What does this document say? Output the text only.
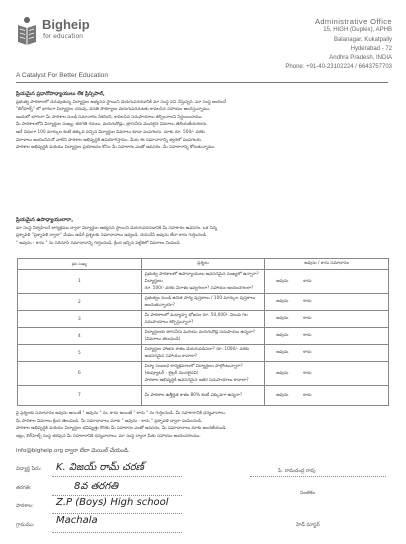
Bigheip
for education
A Catalyst For Better Education
Administrative Office
15, HIGH (Duplex), APHB
Balanagar, Kukatpally
Hyderabad - 72
Andhra Pradesh, INDIA
Phone: +91-40-23102224 / 6643757703
ప్రియమైన ప్రధానోపాధ్యాయులు లేక ప్రిన్సిపాల్,
ప్రభుత్వ పాఠశాలలో చదువుతున్న విద్యార్థుల అభ్యసన స్థాయిని మెరుగుపరచడానికి మా సంస్థ పని చేస్తున్నది. మా సంస్థ అందించే
"బిగ్‌హెల్ప్" లో భాగంగా విద్యార్థుల చదువు, వసతి సౌకర్యాలు మెరుగుపరచుటకు కావలసిన సహాయం అందిస్తున్నాము.
ఇందులో భాగంగా మీ పాఠశాల నుండి సమాచారం సేకరించి, కావలసిన సదుపాయాలు కల్పించాలని నిర్ణయించాము.
మీ పాఠశాలలోని విద్యార్థుల సంఖ్య, తరగతి గదులు, మరుగుదొడ్లు, త్రాగునీరు మొదలైన వివరాలు తెలియజేయగలరు.
అదే విధంగా 100 మార్కుల కంటే తక్కువ వచ్చిన విద్యార్థుల వివరాలు కూడా పంపగలరు. మాకు రూ. 500/- వరకు
విరాళాలు అందించినచో వాటిని పాఠశాల అభివృద్ధికి ఉపయోగిస్తాము. మీరు ఈ సమాచారాన్ని త్వరలో పంపగలరు.
పాఠశాల అభివృద్ధికి మరియు విద్యార్థుల ప్రయోజనం కోసం మీ సహకారం ఎంతో అవసరం. మీ సహకారాన్ని కోరుతున్నాము.
ప్రియమైన ఉపాధ్యాయులారా,
మా సంస్థ నిర్వహించే కార్యక్రమం ద్వారా విద్యార్థుల అభ్యసన స్థాయిని మెరుగుపరచడానికి మీ సహకారం అవసరం. ఒక చిన్న
ప్రశ్నావళి "ప్రశ్నావళి ద్వారా" మేము అడిగే ప్రశ్నలకు సమాధానాలు ఇవ్వండి. దయచేసి అవును లేదా కాదు గుర్తించండి.
" అవును - కాదు " ను సరిచూసి సమాధానాన్ని గుర్తించండి, క్రింద ఇచ్చిన పట్టికలో వివరాలు నింపండి.
క్రమ సంఖ్య	ప్రశ్నలు	అవును / కాదు సమాధానం
1	ప్రభుత్వ పాఠశాలలో ఉపాధ్యాయులు అవసరమైన సంఖ్యలో ఉన్నారా? విద్యార్థులు
రూ. 500/- వరకు విరాళం ఇవ్వగలరా? సహాయం అందించగలరా?	అవును కాదు
2	ప్రభుత్వం నుండి ఉచిత పాఠ్య పుస్తకాలు / 100 మార్కుల పుస్తకాలు అందుతున్నాయా?	అవును కాదు
3	మీ పాఠశాలలో మధ్యాహ్న భోజనం రూ. 50,000/- విలువ గల సదుపాయాలు కల్పిస్తున్నారా?	అవును కాదు
4	విద్యార్థులకు తాగునీరు మరియు మరుగుదొడ్ల సదుపాయం ఉన్నదా? (వివరాలు తెలుపండి)	అవును కాదు
5	విద్యార్థుల హాజరు శాతం మెరుగుపడినదా? రూ. 1000/- వరకు అవసరమైన సహాయం కావాలా?	అవును కాదు
6	విద్యా సంబంధ కార్యక్రమాలలో విద్యార్థులు పాల్గొంటున్నారా? (కంప్యూటర్ - లైబ్రరీ మొదలైనవి)
పాఠశాల అభివృద్ధికి అవసరమైన ఇతర సదుపాయాలు కావాలా?	అవును కాదు
7	మీ పాఠశాల ఉత్తీర్ణత శాతం 80% కంటే ఎక్కువగా ఉన్నదా?	అవును కాదు
పై ప్రశ్నలకు సమాధానం అవును అయితే " అవును " ను, కాదు అయితే " కాదు " ను గుర్తించండి. మీ సహకారానికి ధన్యవాదాలు.
మీ పాఠశాల వివరాలు క్రింద తెలుపండి. మీ సమాధానాలు మాకు " అవును - కాదు " ప్రశ్నావళి ద్వారా పంపించండి.
పాఠశాల అభివృద్ధికి మరియు విద్యార్థుల భవిష్యత్తు కొరకు మీ సహకారం ఎంతో అవసరం, మీ సమాధానాలు మాకు అందజేయండి.
ఇట్లు, బిగ్‌హెల్ప్ సంస్థ తరఫున మీ సహకారానికి ధన్యవాదాలు, మా సంస్థ ద్వారా మీకు సహాయం అందించగలము.
info@bighelp.org ద్వారా లేదా మెయిల్ చేయండి.
విద్యార్థి పేరు: K. విజయ్ రామ్ చరణ్
తరగతి:	8వ తరగతి
పాఠశాల: Z.P (Boys) High school
గ్రామము: Machala
పి. రామచంద్ర రావు
సంతకం
హెడ్ మాస్టర్
